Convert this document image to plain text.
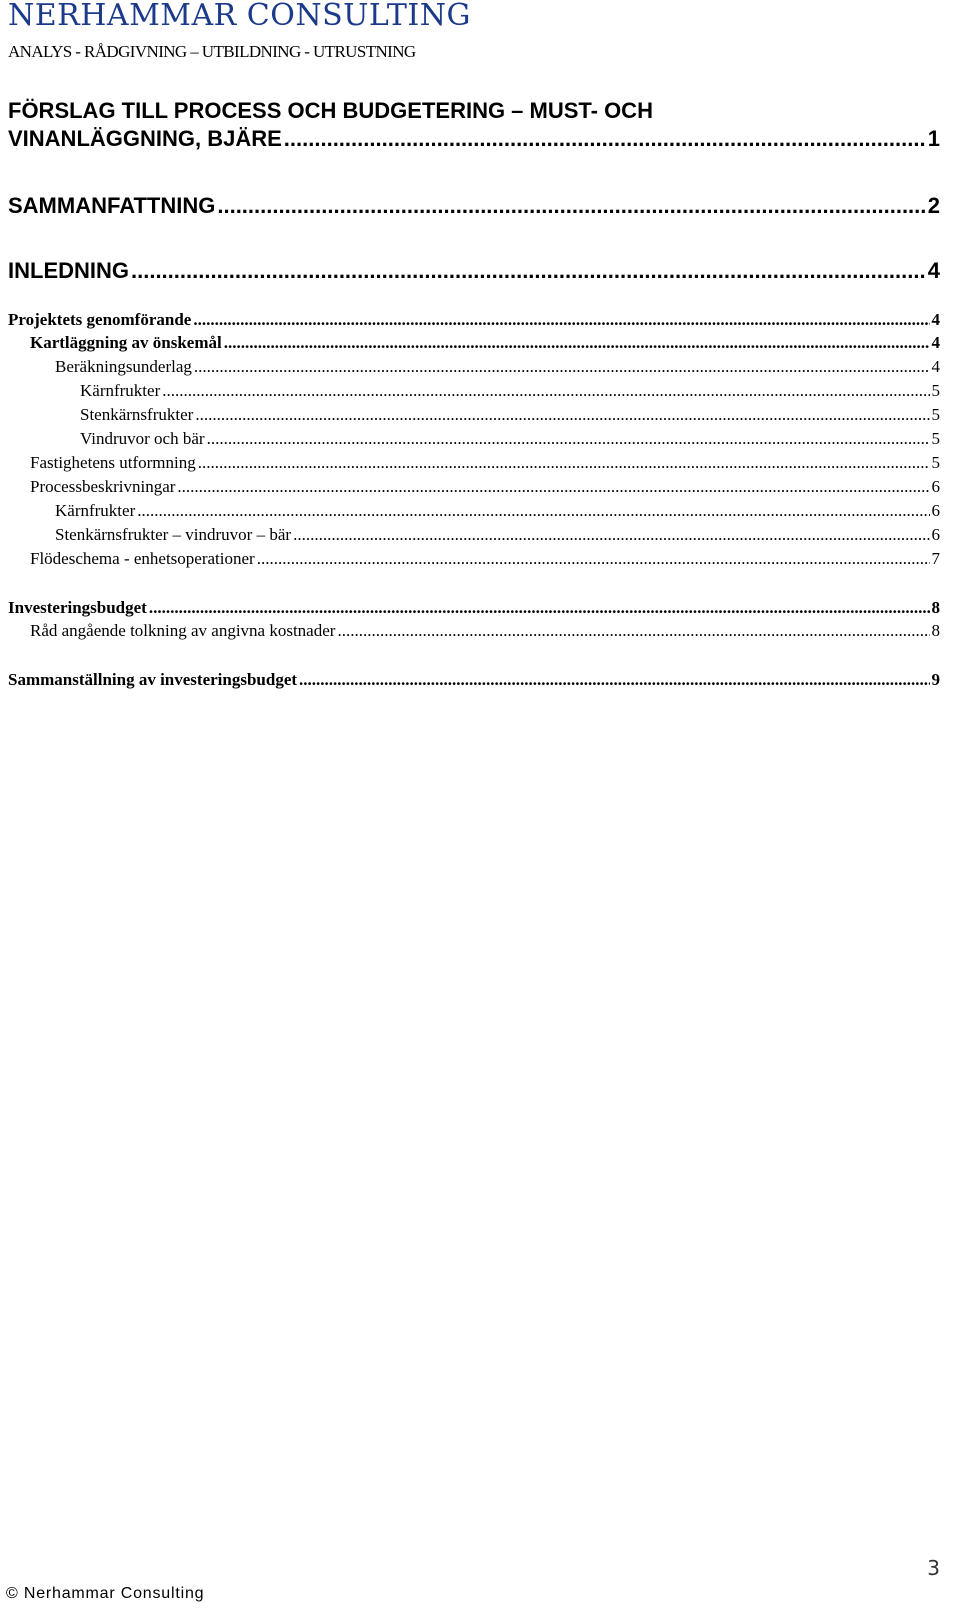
NERHAMMAR CONSULTING
ANALYS - RÅDGIVNING – UTBILDNING - UTRUSTNING
FÖRSLAG TILL PROCESS OCH BUDGETERING – MUST- OCH
VINANLÄGGNING, BJÄRE .....	1
SAMMANFATTNING .....	2
INLEDNING .....	4
Projektets genomförande .....	4
Kartläggning av önskemål .....	4
Beräkningsunderlag .....	4
Kärnfrukter .....	5
Stenkärnsfrukter .....	5
Vindruvor och bär .....	5
Fastighetens utformning .....	5
Processbeskrivningar .....	6
Kärnfrukter .....	6
Stenkärnsfrukter – vindruvor – bär .....	6
Flödeschema - enhetsoperationer .....	7
Investeringsbudget .....	8
Råd angående tolkning av angivna kostnader .....	8
Sammanställning av investeringsbudget .....	9
3
© Nerhammar Consulting
